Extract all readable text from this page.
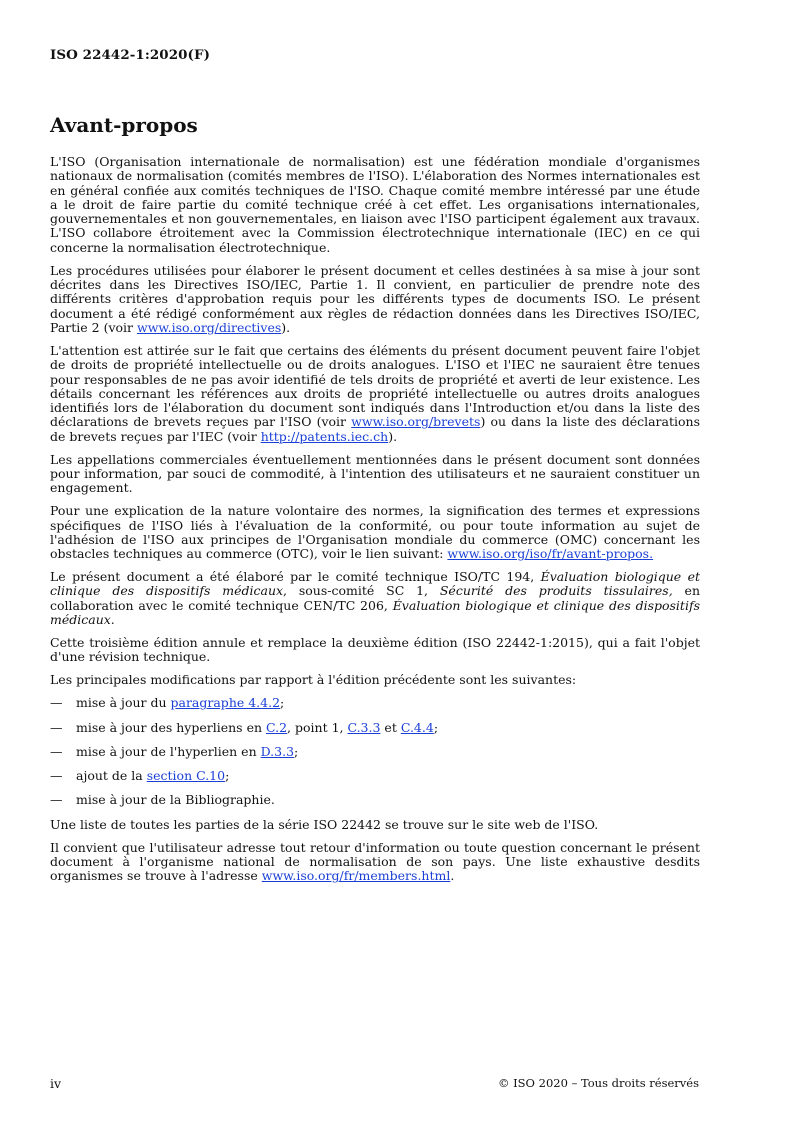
ISO 22442-1:2020(F)
Avant-propos

L'ISO (Organisation internationale de normalisation) est une fédération mondiale d'organismes nationaux de normalisation (comités membres de l'ISO). L'élaboration des Normes internationales est en général confiée aux comités techniques de l'ISO. Chaque comité membre intéressé par une étude a le droit de faire partie du comité technique créé à cet effet. Les organisations internationales, gouvernementales et non gouvernementales, en liaison avec l'ISO participent également aux travaux. L'ISO collabore étroitement avec la Commission électrotechnique internationale (IEC) en ce qui concerne la normalisation électrotechnique.

Les procédures utilisées pour élaborer le présent document et celles destinées à sa mise à jour sont décrites dans les Directives ISO/IEC, Partie 1. Il convient, en particulier de prendre note des différents critères d'approbation requis pour les différents types de documents ISO. Le présent document a été rédigé conformément aux règles de rédaction données dans les Directives ISO/IEC, Partie 2 (voir www.iso.org/directives).

L'attention est attirée sur le fait que certains des éléments du présent document peuvent faire l'objet de droits de propriété intellectuelle ou de droits analogues. L'ISO et l'IEC ne sauraient être tenues pour responsables de ne pas avoir identifié de tels droits de propriété et averti de leur existence. Les détails concernant les références aux droits de propriété intellectuelle ou autres droits analogues identifiés lors de l'élaboration du document sont indiqués dans l'Introduction et/ou dans la liste des déclarations de brevets reçues par l'ISO (voir www.iso.org/brevets) ou dans la liste des déclarations de brevets reçues par l'IEC (voir http://patents.iec.ch).

Les appellations commerciales éventuellement mentionnées dans le présent document sont données pour information, par souci de commodité, à l'intention des utilisateurs et ne sauraient constituer un engagement.

Pour une explication de la nature volontaire des normes, la signification des termes et expressions spécifiques de l'ISO liés à l'évaluation de la conformité, ou pour toute information au sujet de l'adhésion de l'ISO aux principes de l'Organisation mondiale du commerce (OMC) concernant les obstacles techniques au commerce (OTC), voir le lien suivant: www.iso.org/iso/fr/avant-propos.

Le présent document a été élaboré par le comité technique ISO/TC 194, Évaluation biologique et clinique des dispositifs médicaux, sous-comité SC 1, Sécurité des produits tissulaires, en collaboration avec le comité technique CEN/TC 206, Évaluation biologique et clinique des dispositifs médicaux.

Cette troisième édition annule et remplace la deuxième édition (ISO 22442-1:2015), qui a fait l'objet d'une révision technique.

Les principales modifications par rapport à l'édition précédente sont les suivantes:

—	mise à jour du paragraphe 4.4.2;
—	mise à jour des hyperliens en C.2, point 1, C.3.3 et C.4.4;
—	mise à jour de l'hyperlien en D.3.3;
—	ajout de la section C.10;
—	mise à jour de la Bibliographie.

Une liste de toutes les parties de la série ISO 22442 se trouve sur le site web de l'ISO.

Il convient que l'utilisateur adresse tout retour d'information ou toute question concernant le présent document à l'organisme national de normalisation de son pays. Une liste exhaustive desdits organismes se trouve à l'adresse www.iso.org/fr/members.html.

iv	© ISO 2020 – Tous droits réservés
